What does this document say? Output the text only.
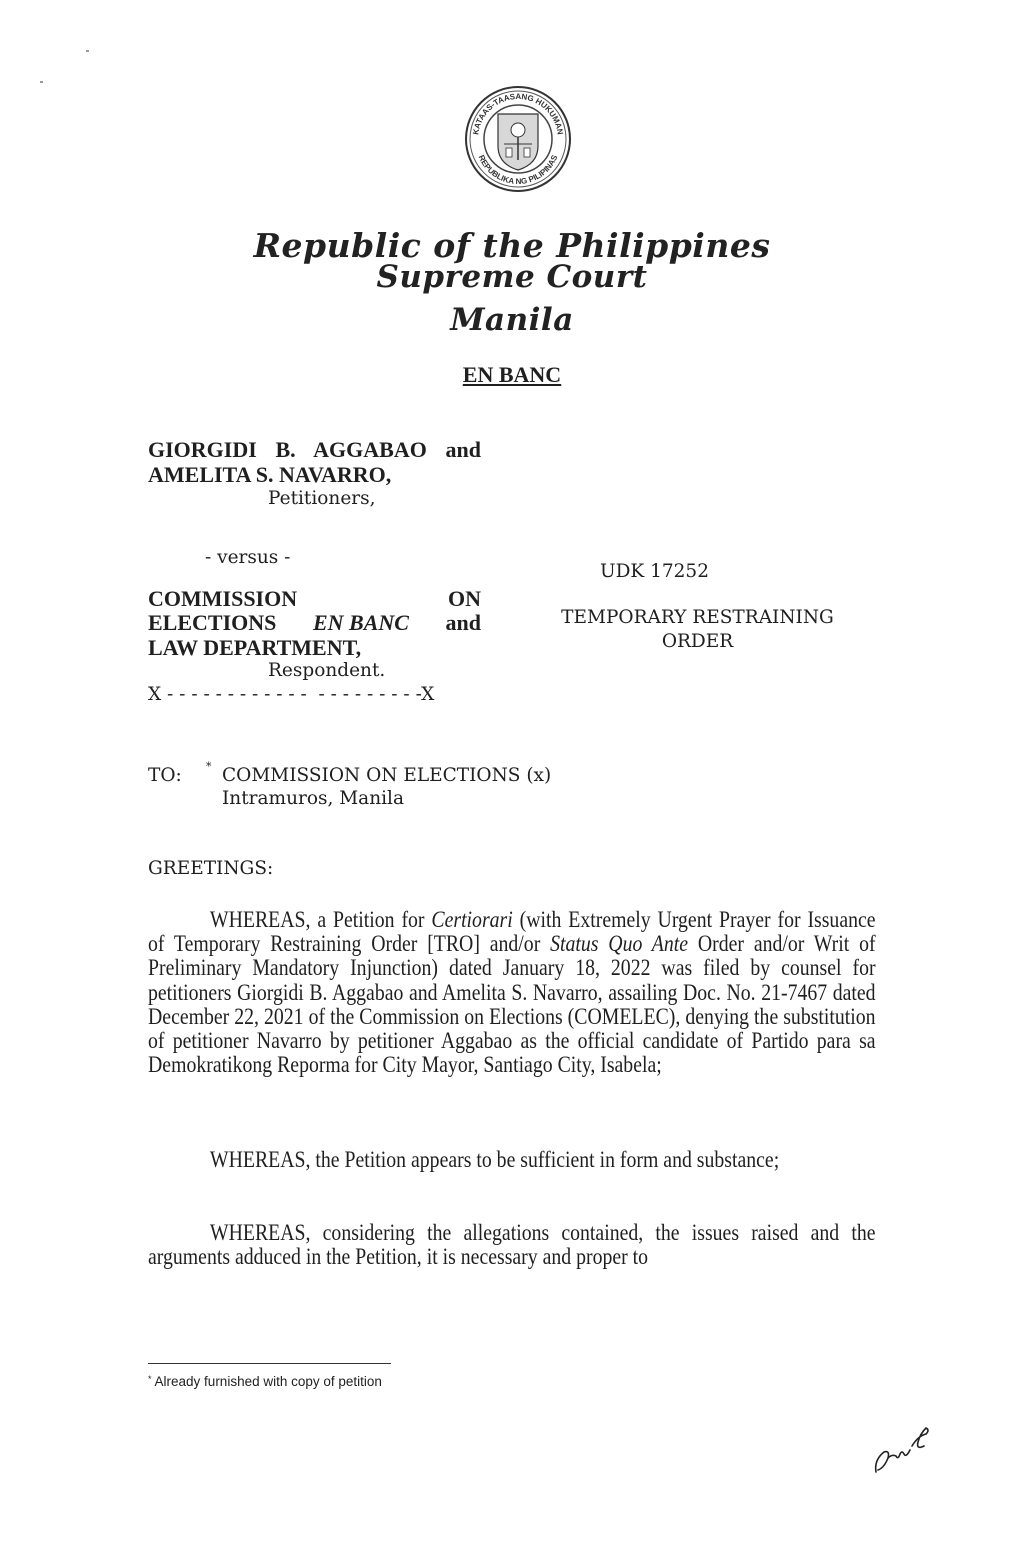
KATAAS-TAASANG HUKUMAN
REPUBLIKA NG PILIPINAS
Republic of the Philippines
Supreme Court
Manila
EN BANC
GIORGIDI B. AGGABAO and
AMELITA S. NAVARRO,
Petitioners,
- versus -
COMMISSION	ON
ELECTIONS EN BANC and
LAW DEPARTMENT,
Respondent.
X - - - - - - - - - - - -  - - - - - - - - -X
UDK 17252
TEMPORARY RESTRAINING
ORDER
TO: * COMMISSION ON ELECTIONS (x)
Intramuros, Manila
GREETINGS:
WHEREAS, a Petition for Certiorari (with Extremely Urgent Prayer for Issuance of Temporary Restraining Order [TRO] and/or Status Quo Ante Order and/or Writ of Preliminary Mandatory Injunction) dated January 18, 2022 was filed by counsel for petitioners Giorgidi B. Aggabao and Amelita S. Navarro, assailing Doc. No. 21-7467 dated December 22, 2021 of the Commission on Elections (COMELEC), denying the substitution of petitioner Navarro by petitioner Aggabao as the official candidate of Partido para sa Demokratikong Reporma for City Mayor, Santiago City, Isabela;
WHEREAS, the Petition appears to be sufficient in form and substance;
WHEREAS, considering the allegations contained, the issues raised and the arguments adduced in the Petition, it is necessary and proper to
* Already furnished with copy of petition
